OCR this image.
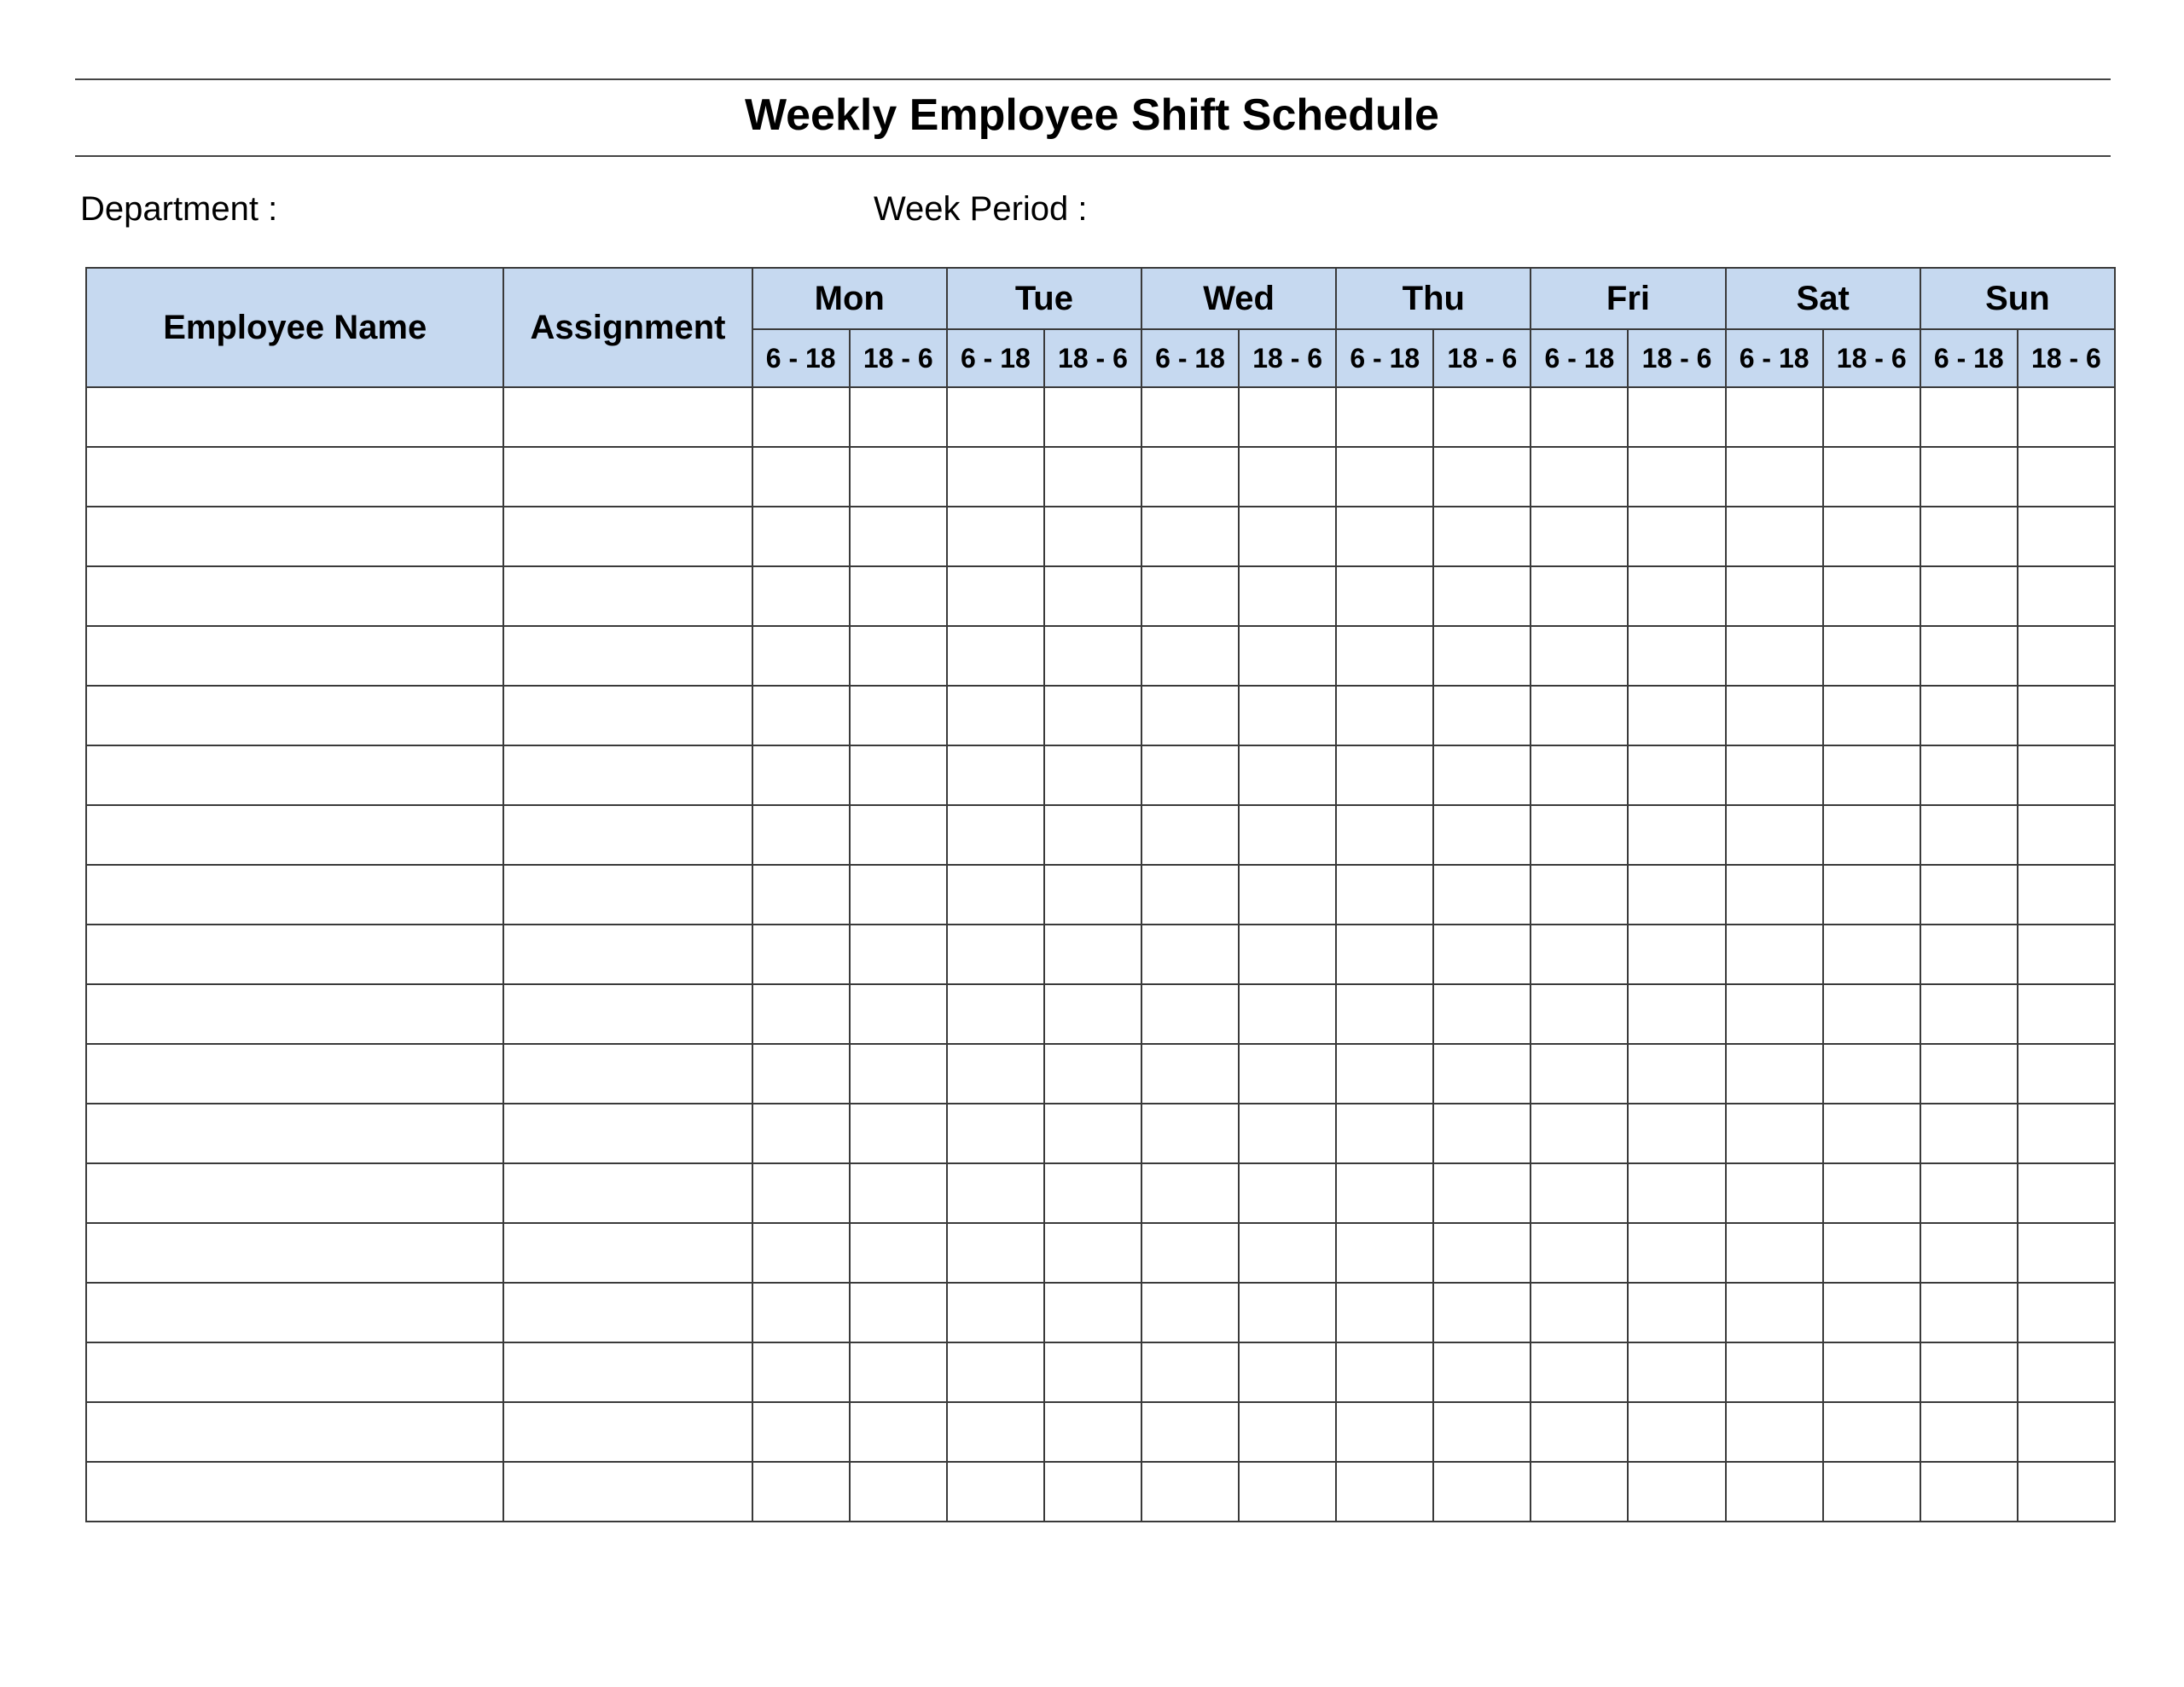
Weekly Employee Shift Schedule
Department :	Week Period :
Employee Name	Assignment	Mon		Tue		Wed		Thu		Fri		Sat		Sun	
		6 - 18	18 - 6	6 - 18	18 - 6	6 - 18	18 - 6	6 - 18	18 - 6	6 - 18	18 - 6	6 - 18	18 - 6	6 - 18	18 - 6
